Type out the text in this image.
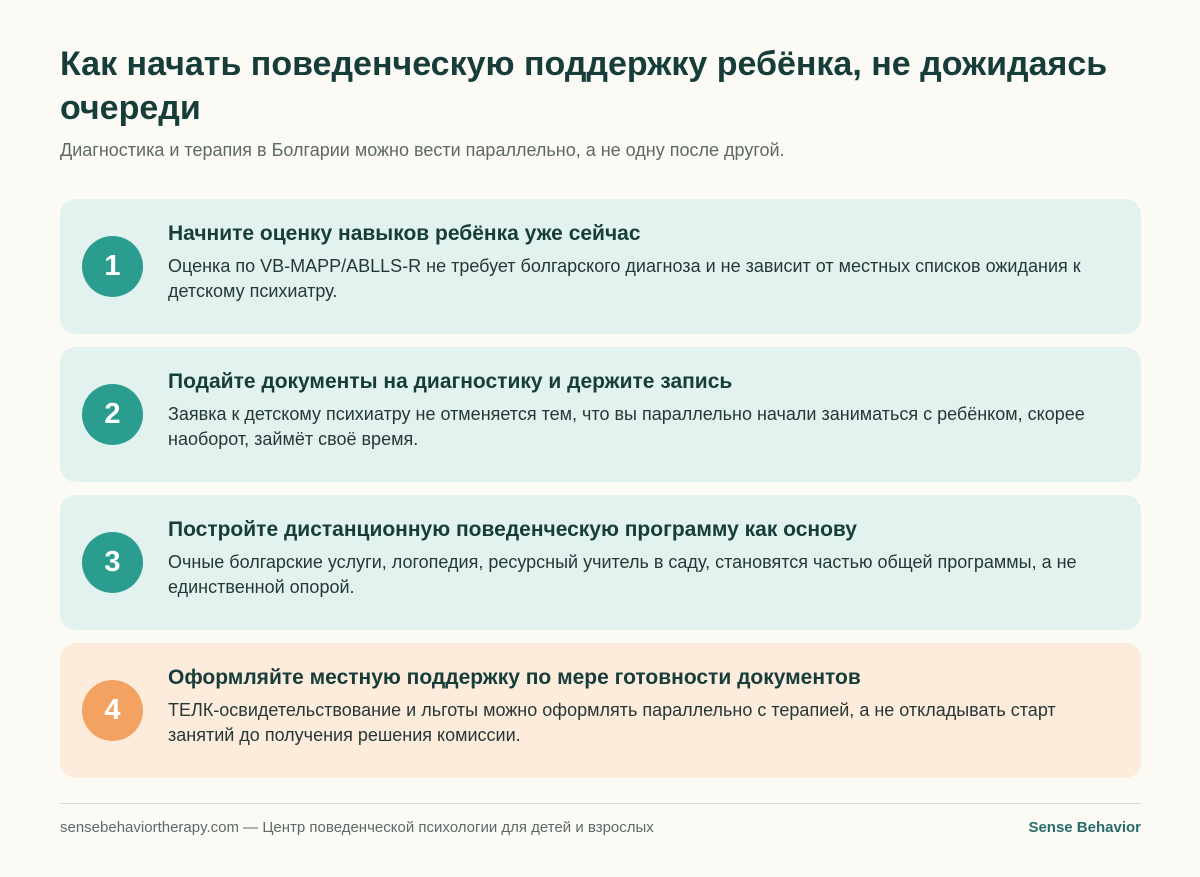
Как начать поведенческую поддержку ребёнка, не дожидаясь очереди

Диагностика и терапия в Болгарии можно вести параллельно, а не одну после другой.

1
Начните оценку навыков ребёнка уже сейчас

Оценка по VB-MAPP/ABLLS-R не требует болгарского диагноза и не зависит от местных списков ожидания к детскому психиатру.

2
Подайте документы на диагностику и держите запись

Заявка к детскому психиатру не отменяется тем, что вы параллельно начали заниматься с ребёнком, скорее наоборот, займёт своё время.

3
Постройте дистанционную поведенческую программу как основу

Очные болгарские услуги, логопедия, ресурсный учитель в саду, становятся частью общей программы, а не единственной опорой.

4
Оформляйте местную поддержку по мере готовности документов

ТЕЛК-освидетельствование и льготы можно оформлять параллельно с терапией, а не откладывать старт занятий до получения решения комиссии.

sensebehaviortherapy.com — Центр поведенческой психологии для детей и взрослых	Sense Behavior
